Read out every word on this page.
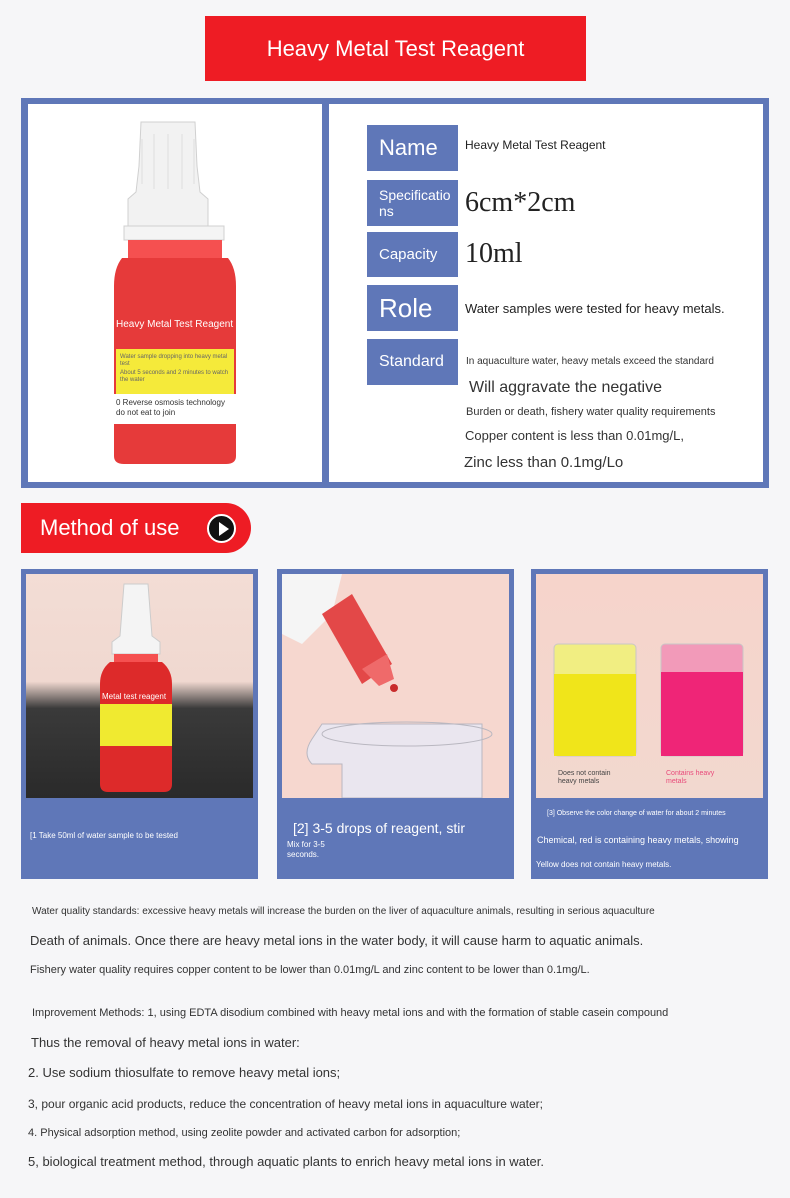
Heavy Metal Test Reagent
Heavy Metal Test Reagent
Water sample dropping into heavy metal test
About 5 seconds and 2 minutes to watch the water
0 Reverse osmosis technology do not eat to join
Name	Heavy Metal Test Reagent
Specifications	6cm*2cm
Capacity 10ml
Role	Water samples were tested for heavy metals.
Standard	In aquaculture water, heavy metals exceed the standard
Will aggravate the negative
Burden or death, fishery water quality requirements
Copper content is less than 0.01mg/L,
Zinc less than 0.1mg/Lo
Method of use
Metal test reagent
[1 Take 50ml of water sample to be tested	[2] 3-5 drops of reagent, stir
Mix for 3-5 seconds.
Does not contain heavy metals
Contains heavy metals
[3] Observe the color change of water for about 2 minutes
Chemical, red is containing heavy metals, showing
Yellow does not contain heavy metals.
Water quality standards: excessive heavy metals will increase the burden on the liver of aquaculture animals, resulting in serious aquaculture
Death of animals. Once there are heavy metal ions in the water body, it will cause harm to aquatic animals.
Fishery water quality requires copper content to be lower than 0.01mg/L and zinc content to be lower than 0.1mg/L.
Improvement Methods: 1, using EDTA disodium combined with heavy metal ions and with the formation of stable casein compound
Thus the removal of heavy metal ions in water:
2. Use sodium thiosulfate to remove heavy metal ions;
3, pour organic acid products, reduce the concentration of heavy metal ions in aquaculture water;
4. Physical adsorption method, using zeolite powder and activated carbon for adsorption;
5, biological treatment method, through aquatic plants to enrich heavy metal ions in water.
